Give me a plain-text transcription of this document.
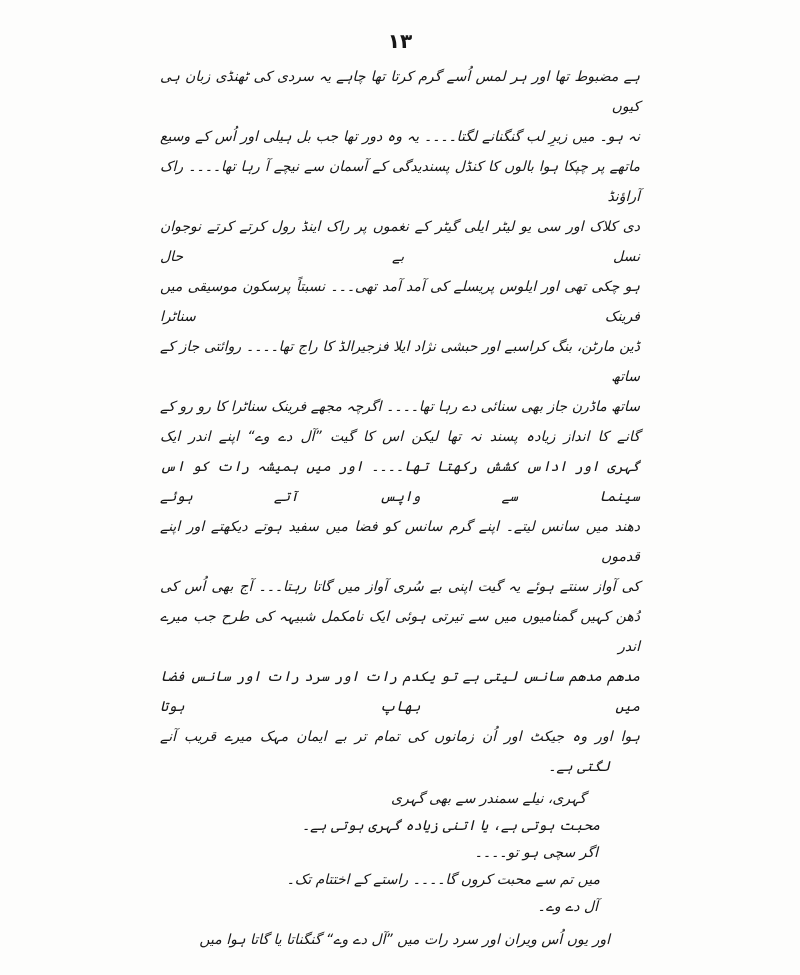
۱۳
ہے مضبوط تھا اور ہر لمس اُسے گرم کرتا تھا چاہے یہ سردی کی ٹھنڈی زبان ہی کیوں
نہ ہو۔ میں زیرِ لب گنگنانے لگتا۔۔۔۔ یہ وہ دور تھا جب بل ہیلی اور اُس کے وسیع
ماتھے پر چپکا ہوا بالوں کا کنڈل پسندیدگی کے آسمان سے نیچے آ رہا تھا۔۔۔۔ راک آراؤنڈ
دی کلاک اور سی یو لیٹر ایلی گیٹر کے نغموں پر راک اینڈ رول کرتے کرتے نوجوان نسل بے حال
ہو چکی تھی اور ایلوس پریسلے کی آمد آمد تھی۔۔۔ نسبتاً پرسکون موسیقی میں فرینک سناٹرا
ڈین مارٹن، بنگ کراسبے اور حبشی نژاد ایلا فزجیرالڈ کا راج تھا۔۔۔۔ روائتی جاز کے ساتھ
ساتھ ماڈرن جاز بھی سنائی دے رہا تھا۔۔۔۔ اگرچہ مجھے فرینک سناٹرا کا رو رو کے
گانے کا انداز زیادہ پسند نہ تھا لیکن اس کا گیت ”آل دے وے“ اپنے اندر ایک
گہری اور اداس کشش رکھتا تھا۔۔۔۔ اور میں ہمیشہ رات کو اس سینما سے واپس آتے ہوئے
دھند میں سانس لیتے۔ اپنے گرم سانس کو فضا میں سفید ہوتے دیکھتے اور اپنے قدموں
کی آواز سنتے ہوئے یہ گیت اپنی بے سُری آواز میں گاتا رہتا۔۔۔ آج بھی اُس کی
دُھن کہیں گمنامیوں میں سے تیرتی ہوئی ایک نامکمل شبیہہ کی طرح جب میرے اندر
مدھم مدھم سانس لیتی ہے تو یکدم رات اور سرد رات اور سانس فضا میں بھاپ ہوتا
ہوا اور وہ جیکٹ اور اُن زمانوں کی تمام تر بے ایمان مہک میرے قریب آنے
لگتی ہے۔
گہری، نیلے سمندر سے بھی گہری
محبت ہوتی ہے، یا اتنی زیادہ گہری ہوتی ہے۔
اگر سچی ہو تو۔۔۔۔
میں تم سے محبت کروں گا۔۔۔۔ راستے کے اختتام تک۔
آل دے وے۔
اور یوں اُس ویران اور سرد رات میں ”آل دے وے“ گنگناتا یا گاتا ہوا میں
